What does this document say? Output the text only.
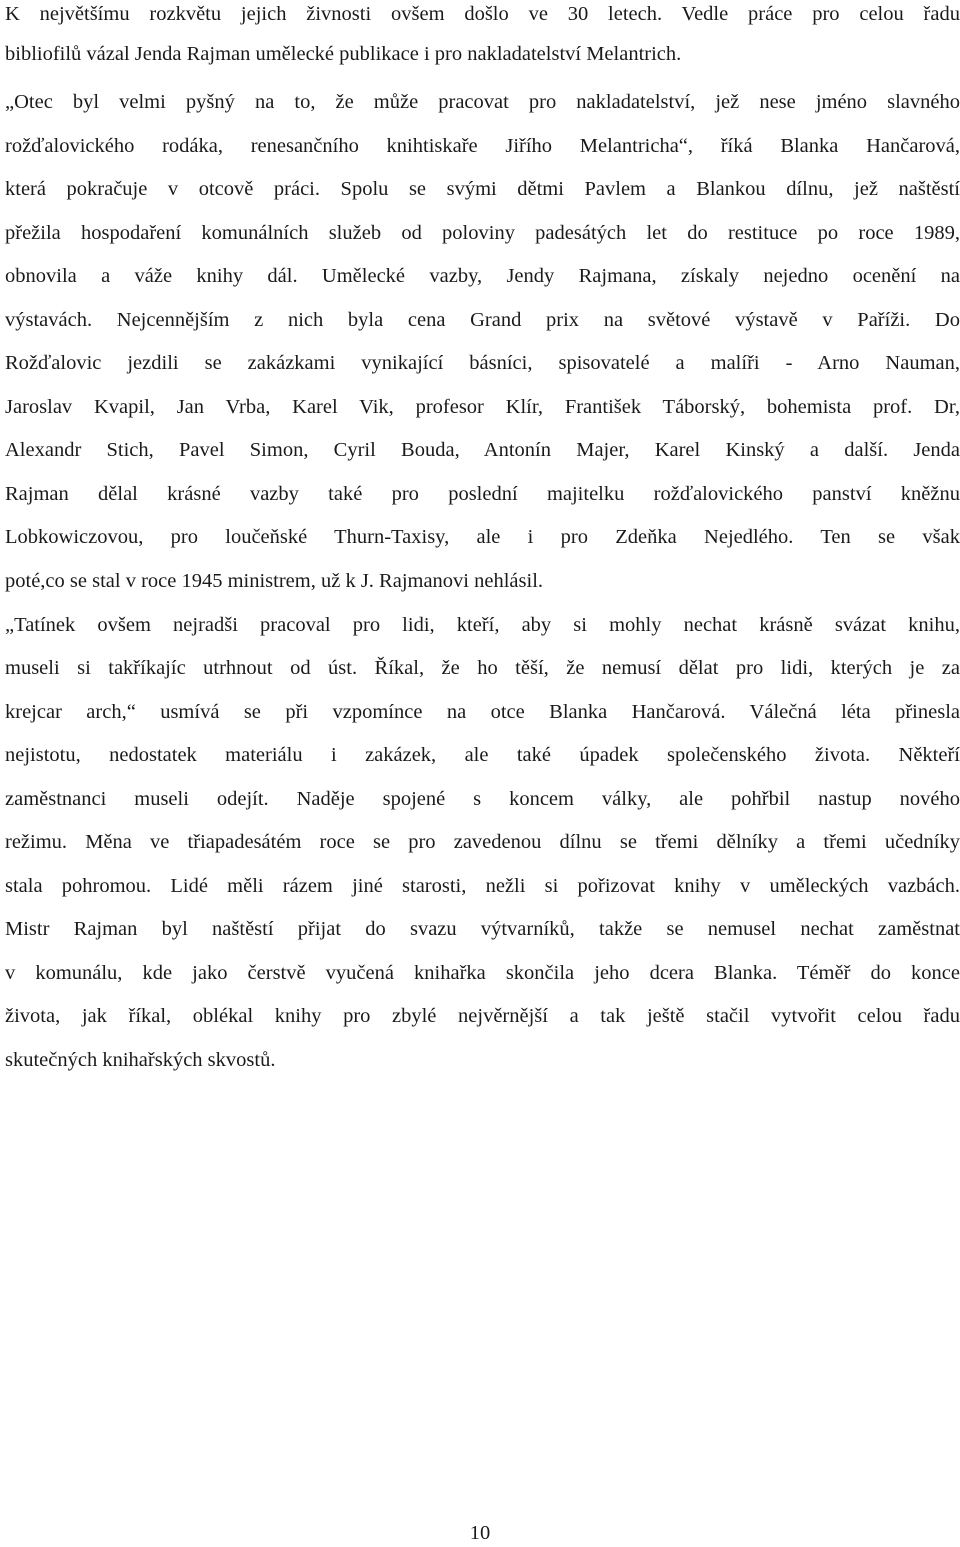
K největšímu rozkvětu jejich živnosti ovšem došlo ve 30 letech. Vedle práce pro celou řadu
bibliofilů vázal Jenda Rajman umělecké publikace i pro nakladatelství Melantrich.
„Otec byl velmi pyšný na to, že může pracovat pro nakladatelství, jež nese jméno slavného
rožďalovického rodáka, renesančního knihtiskaře Jiřího Melantricha“, říká Blanka Hančarová,
která pokračuje v otcově práci. Spolu se svými dětmi Pavlem a Blankou dílnu, jež naštěstí
přežila hospodaření komunálních služeb od poloviny padesátých let do restituce po roce 1989,
obnovila a váže knihy dál. Umělecké vazby, Jendy Rajmana, získaly nejedno ocenění na
výstavách. Nejcennějším z nich byla cena Grand prix na světové výstavě v Paříži. Do
Rožďalovic jezdili se zakázkami vynikající básníci, spisovatelé a malíři - Arno Nauman,
Jaroslav Kvapil, Jan Vrba, Karel Vik, profesor Klír, František Táborský, bohemista prof. Dr,
Alexandr Stich, Pavel Simon, Cyril Bouda, Antonín Majer, Karel Kinský a další. Jenda
Rajman dělal krásné vazby také pro poslední majitelku rožďalovického panství kněžnu
Lobkowiczovou, pro loučeňské Thurn-Taxisy, ale i pro Zdeňka Nejedlého. Ten se však
poté,co se stal v roce 1945 ministrem, už k J. Rajmanovi nehlásil.
„Tatínek ovšem nejradši pracoval pro lidi, kteří, aby si mohly nechat krásně svázat knihu,
museli si takříkajíc utrhnout od úst. Říkal, že ho těší, že nemusí dělat pro lidi, kterých je za
krejcar arch,“ usmívá se při vzpomínce na otce Blanka Hančarová. Válečná léta přinesla
nejistotu, nedostatek materiálu i zakázek, ale také úpadek společenského života. Někteří
zaměstnanci museli odejít. Naděje spojené s koncem války, ale pohřbil nastup nového
režimu. Měna ve třiapadesátém roce se pro zavedenou dílnu se třemi dělníky a třemi učedníky
stala pohromou. Lidé měli rázem jiné starosti, nežli si pořizovat knihy v uměleckých vazbách.
Mistr Rajman byl naštěstí přijat do svazu výtvarníků, takže se nemusel nechat zaměstnat
v komunálu, kde jako čerstvě vyučená knihařka skončila jeho dcera Blanka. Téměř do konce
života, jak říkal, oblékal knihy pro zbylé nejvěrnější a tak ještě stačil vytvořit celou řadu
skutečných knihařských skvostů.
10
